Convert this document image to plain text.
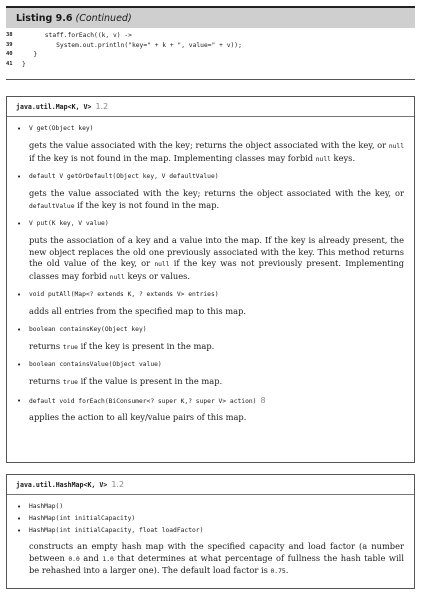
Listing 9.6 (Continued)
38	staff.forEach((k, v) ->
39	System.out.println("key=" + k + ", value=" + v));
40	}
41	}
java.util.Map<K, V> 1.2
• V get(Object key)
gets the value associated with the key; returns the object associated with the key, or null if the key is not found in the map. Implementing classes may forbid null keys.
• default V getOrDefault(Object key, V defaultValue)
gets the value associated with the key; returns the object associated with the key, or defaultValue if the key is not found in the map.
• V put(K key, V value)
puts the association of a key and a value into the map. If the key is already present, the new object replaces the old one previously associated with the key. This method returns the old value of the key, or null if the key was not previously present. Implementing classes may forbid null keys or values.
• void putAll(Map<? extends K, ? extends V> entries)
adds all entries from the specified map to this map.
• boolean containsKey(Object key)
returns true if the key is present in the map.
• boolean containsValue(Object value)
returns true if the value is present in the map.
• default void forEach(BiConsumer<? super K,? super V> action) 8
applies the action to all key/value pairs of this map.
java.util.HashMap<K, V> 1.2
• HashMap()
• HashMap(int initialCapacity)
• HashMap(int initialCapacity, float loadFactor)
constructs an empty hash map with the specified capacity and load factor (a number between 0.0 and 1.0 that determines at what percentage of fullness the hash table will be rehashed into a larger one). The default load factor is 0.75.
